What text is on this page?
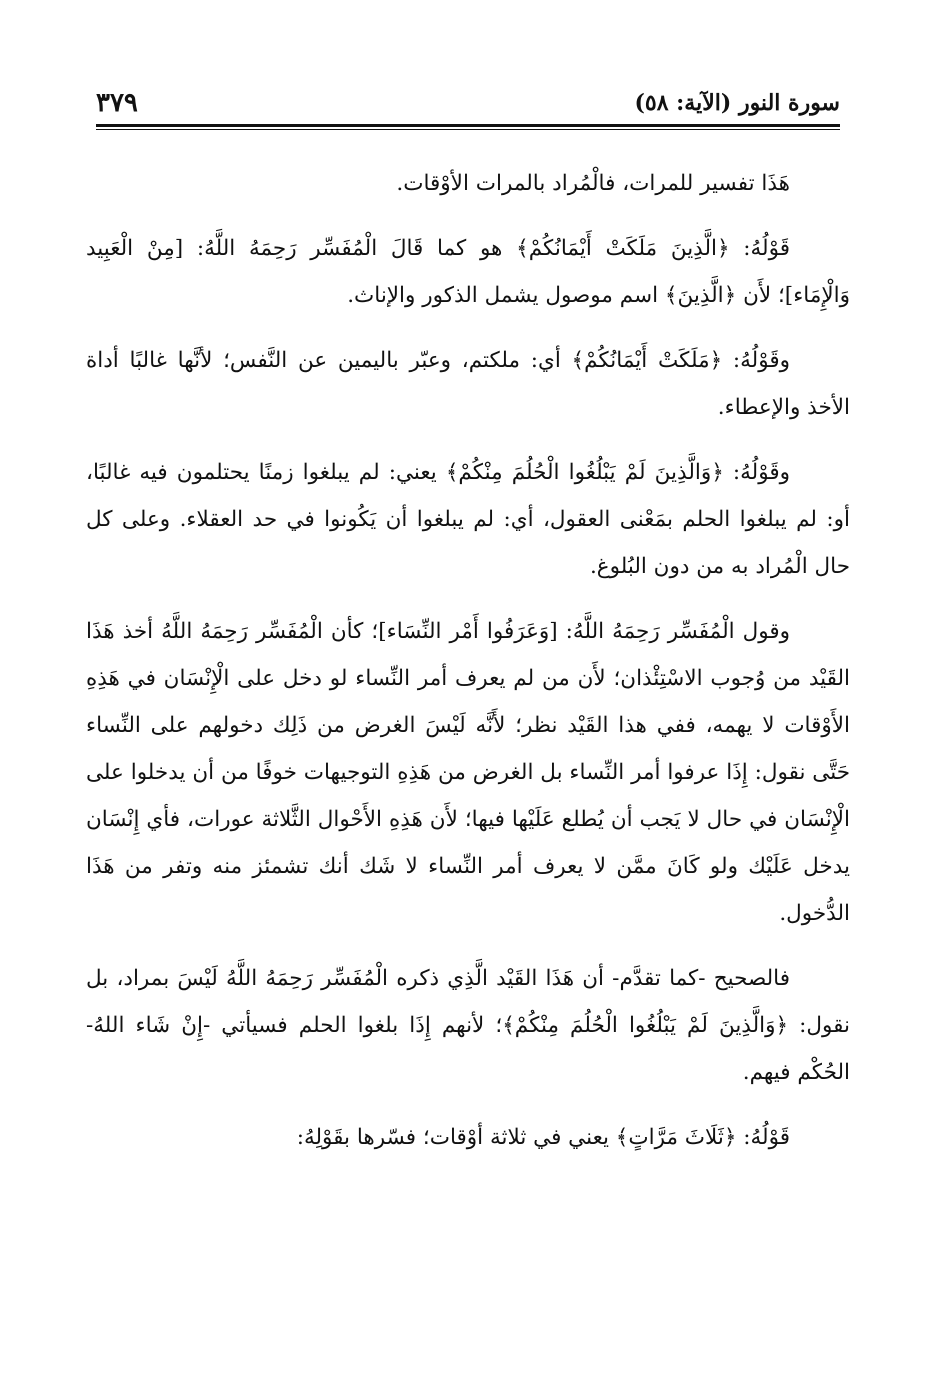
سورة النور (الآية: ٥٨)
٣٧٩

هَذَا تفسير للمرات، فالْمُراد بالمرات الأوْقات.

قَوْلُهُ: ﴿الَّذِينَ مَلَكَتْ أَيْمَانُكُمْ﴾ هو كما قَالَ الْمُفَسِّر رَحِمَهُ اللَّهُ: [مِنْ الْعَبِيد وَالْإِمَاء]؛ لأَن ﴿الَّذِينَ﴾ اسم موصول يشمل الذكور والإناث.

وقَوْلُهُ: ﴿مَلَكَتْ أَيْمَانُكُمْ﴾ أي: ملكتم، وعبّر باليمين عن النَّفس؛ لأنَّها غالبًا أداة الأخذ والإعطاء.

وقَوْلُهُ: ﴿وَالَّذِينَ لَمْ يَبْلُغُوا الْحُلُمَ مِنْكُمْ﴾ يعني: لم يبلغوا زمنًا يحتلمون فيه غالبًا، أو: لم يبلغوا الحلم بمَعْنى العقول، أي: لم يبلغوا أن يَكُونوا في حد العقلاء. وعلى كل حال الْمُراد به من دون البُلوغ.

وقول الْمُفَسِّر رَحِمَهُ اللَّهُ: [وَعَرَفُوا أَمْر النِّسَاء]؛ كأن الْمُفَسِّر رَحِمَهُ اللَّهُ أخذ هَذَا القَيْد من وُجوب الاسْتِئْذان؛ لأَن من لم يعرف أمر النِّساء لو دخل على الْإِنْسَان في هَذِهِ الأَوْقات لا يهمه، ففي هذا القَيْد نظر؛ لأَنَّه لَيْسَ الغرض من ذَلِك دخولهم على النِّساء حَتَّى نقول: إِذَا عرفوا أمر النِّساء بل الغرض من هَذِهِ التوجيهات خوفًا من أن يدخلوا على الْإِنْسَان في حال لا يَجب أن يُطلع عَلَيْها فيها؛ لأَن هَذِهِ الأَحْوال الثَّلاثة عورات، فأي إِنْسَان يدخل عَلَيْك ولو كَانَ ممَّن لا يعرف أمر النِّساء لا شَك أنك تشمئز منه وتفر من هَذَا الدُّخول.

فالصحيح -كما تقدَّم- أن هَذَا القَيْد الَّذِي ذكره الْمُفَسِّر رَحِمَهُ اللَّهُ لَيْسَ بمراد، بل نقول: ﴿وَالَّذِينَ لَمْ يَبْلُغُوا الْحُلُمَ مِنْكُمْ﴾؛ لأنهم إِذَا بلغوا الحلم فسيأتي -إِنْ شَاء اللهُ- الحُكْم فيهم.

قَوْلُهُ: ﴿ثَلَاثَ مَرَّاتٍ﴾ يعني في ثلاثة أوْقات؛ فسّرها بقَوْلِهُ:
